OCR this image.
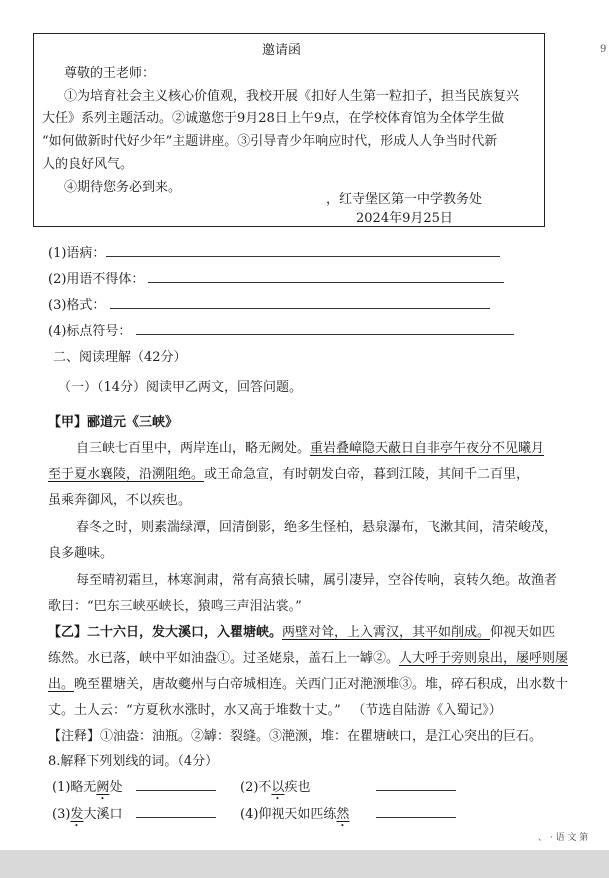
邀请函
尊敬的王老师：
①为培育社会主义核心价值观，我校开展《扣好人生第一粒扣子，担当民族复兴
大任》系列主题活动。②诚邀您于9月28日上午9点，在学校体育馆为全体学生做
“如何做新时代好少年”主题讲座。③引导青少年响应时代，形成人人争当时代新
人的良好风气。
④期待您务必到来。
，红寺堡区第一中学教务处
2024年9月25日
(1)语病：
(2)用语不得体：
(3)格式：
(4)标点符号：
二、阅读理解（42分）
（一）（14分）阅读甲乙两文，回答问题。
【甲】郦道元《三峡》
自三峡七百里中，两岸连山，略无阙处。重岩叠嶂隐天蔽日自非亭午夜分不见曦月
至于夏水襄陵，沿溯阻绝。或王命急宣，有时朝发白帝，暮到江陵，其间千二百里，
虽乘奔御风，不以疾也。
春冬之时，则素湍绿潭，回清倒影，绝多生怪柏，悬泉瀑布，飞漱其间，清荣峻茂，
良多趣味。
每至晴初霜旦，林寒涧肃，常有高猿长啸，属引凄异，空谷传响，哀转久绝。故渔者
歌曰：“巴东三峡巫峡长，猿鸣三声泪沾裳。”
【乙】二十六日，发大溪口，入瞿塘峡。两壁对耸，上入霄汉，其平如削成。仰视天如匹
练然。水已落，峡中平如油盎①。过圣姥泉，盖石上一罅②。人大呼于旁则泉出，屡呼则屡
出。晚至瞿塘关，唐故夔州与白帝城相连。关西门正对滟滪堆③。堆，碎石积成，出水数十
丈。土人云：“方夏秋水涨时，水又高于堆数十丈。” （节选自陆游《入蜀记》）
【注释】①油盎：油瓶。②罅：裂缝。③滟滪，堆：在瞿塘峡口，是江心突出的巨石。
8.解释下列划线的词。（4分）
(1)略无阙处	(2)不以疾也
(3)发大溪口	(4)仰视天如匹练然
9
、 · 语 文 第
